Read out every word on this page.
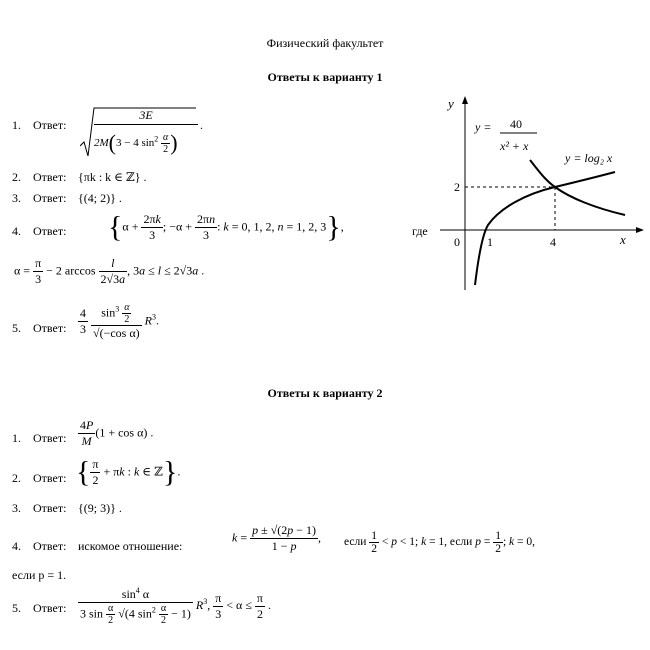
Физический факультет
Ответы к варианту 1
1. Ответ:
3E
2M(3 − 4 $\sin^2 \frac{\alpha}{2}$ )
.
2. Ответ: {πk : k ∈ ℤ} .
3. Ответ: {(4; 2)} .
4. Ответ: {$\alpha + \frac{2\pi k}{3}$ ; $-\alpha + \frac{2\pi n}{3}$ : k = 0, 1, 2, n = 1, 2, 3},	где
$\alpha = \frac{\pi}{3} - 2$ $\arccos \frac{l}{2√3a}$ , 3a ≤ l ≤ 2√3a .
5. Ответ: $\frac{4}{3}$
$\frac{\sin^3 \frac{\alpha}{2}}{\text{√(−cos α)}} R^3$.
y
x
0 1	4
2
y = 40
x² + x
y = 40/(x² + x)
y = log₂ x
Ответы к варианту 2
1. Ответ: $\frac{4P}{M} (1 + \cos \alpha)$ .
2. Ответ: { $\frac{\pi}{2} + \pi k$ : k ∈ ℤ}.
3. Ответ: {(9; 3)} .
4. Ответ: искомое отношение:
$k = \frac{p \pm √(2p - 1)}{1 - p}$ , если $\frac{1}{2} < p < 1$; k = 1, если $p = \frac{1}{2}$ ; k = 0,
если p = 1.
5. Ответ: $\frac{\sin^4 \alpha}{3 \sin \frac{\alpha}{2} √(4 \sin^2 \frac{\alpha}{2} - 1)} R^3$, $\frac{\pi}{3} < \alpha \le \frac{\pi}{2}$ .
